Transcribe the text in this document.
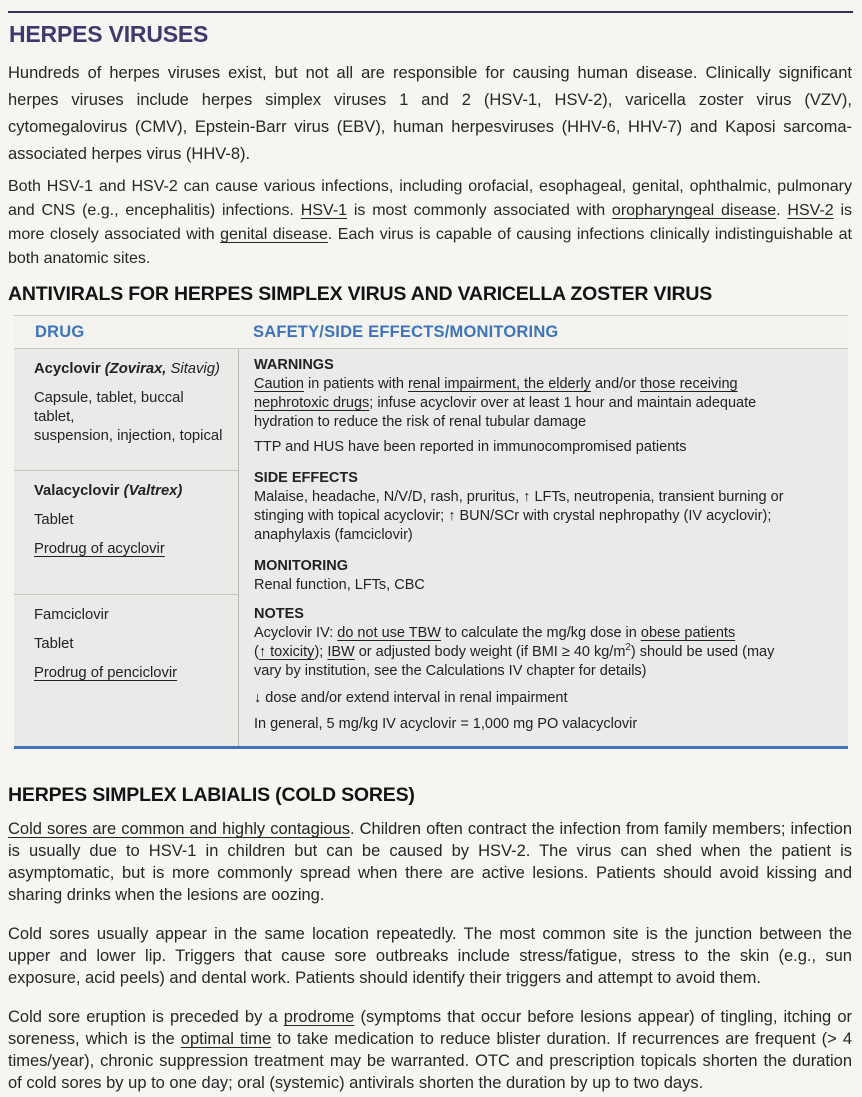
HERPES VIRUSES

Hundreds of herpes viruses exist, but not all are responsible for causing human disease. Clinically significant herpes viruses include herpes simplex viruses 1 and 2 (HSV-1, HSV-2), varicella zoster virus (VZV), cytomegalovirus (CMV), Epstein-Barr virus (EBV), human herpesviruses (HHV-6, HHV-7) and Kaposi sarcoma-associated herpes virus (HHV-8).

Both HSV-1 and HSV-2 can cause various infections, including orofacial, esophageal, genital, ophthalmic, pulmonary and CNS (e.g., encephalitis) infections. HSV-1 is most commonly associated with oropharyngeal disease. HSV-2 is more closely associated with genital disease. Each virus is capable of causing infections clinically indistinguishable at both anatomic sites.

ANTIVIRALS FOR HERPES SIMPLEX VIRUS AND VARICELLA ZOSTER VIRUS
DRUG	SAFETY/SIDE EFFECTS/MONITORING
Acyclovir (Zovirax, Sitavig)
Capsule, tablet, buccal tablet,
suspension, injection, topical
Valacyclovir (Valtrex)
Tablet
Prodrug of acyclovir
Famciclovir
Tablet
Prodrug of penciclovir
WARNINGS

Caution in patients with renal impairment, the elderly and/or those receiving
nephrotoxic drugs; infuse acyclovir over at least 1 hour and maintain adequate
hydration to reduce the risk of renal tubular damage

TTP and HUS have been reported in immunocompromised patients

SIDE EFFECTS

Malaise, headache, N/V/D, rash, pruritus, ↑ LFTs, neutropenia, transient burning or
stinging with topical acyclovir; ↑ BUN/SCr with crystal nephropathy (IV acyclovir);
anaphylaxis (famciclovir)

MONITORING

Renal function, LFTs, CBC

NOTES

Acyclovir IV: do not use TBW to calculate the mg/kg dose in obese patients
(↑ toxicity); IBW or adjusted body weight (if BMI ≥ 40 $kg/m^2$) should be used (may
vary by institution, see the Calculations IV chapter for details)

↓ dose and/or extend interval in renal impairment

In general, 5 mg/kg IV acyclovir = 1,000 mg PO valacyclovir

HERPES SIMPLEX LABIALIS (COLD SORES)

Cold sores are common and highly contagious. Children often contract the infection from family members; infection is usually due to HSV-1 in children but can be caused by HSV-2. The virus can shed when the patient is asymptomatic, but is more commonly spread when there are active lesions. Patients should avoid kissing and sharing drinks when the lesions are oozing.

Cold sores usually appear in the same location repeatedly. The most common site is the junction between the upper and lower lip. Triggers that cause sore outbreaks include stress/fatigue, stress to the skin (e.g., sun exposure, acid peels) and dental work. Patients should identify their triggers and attempt to avoid them.

Cold sore eruption is preceded by a prodrome (symptoms that occur before lesions appear) of tingling, itching or soreness, which is the optimal time to take medication to reduce blister duration. If recurrences are frequent (> 4 times/year), chronic suppression treatment may be warranted. OTC and prescription topicals shorten the duration of cold sores by up to one day; oral (systemic) antivirals shorten the duration by up to two days.
